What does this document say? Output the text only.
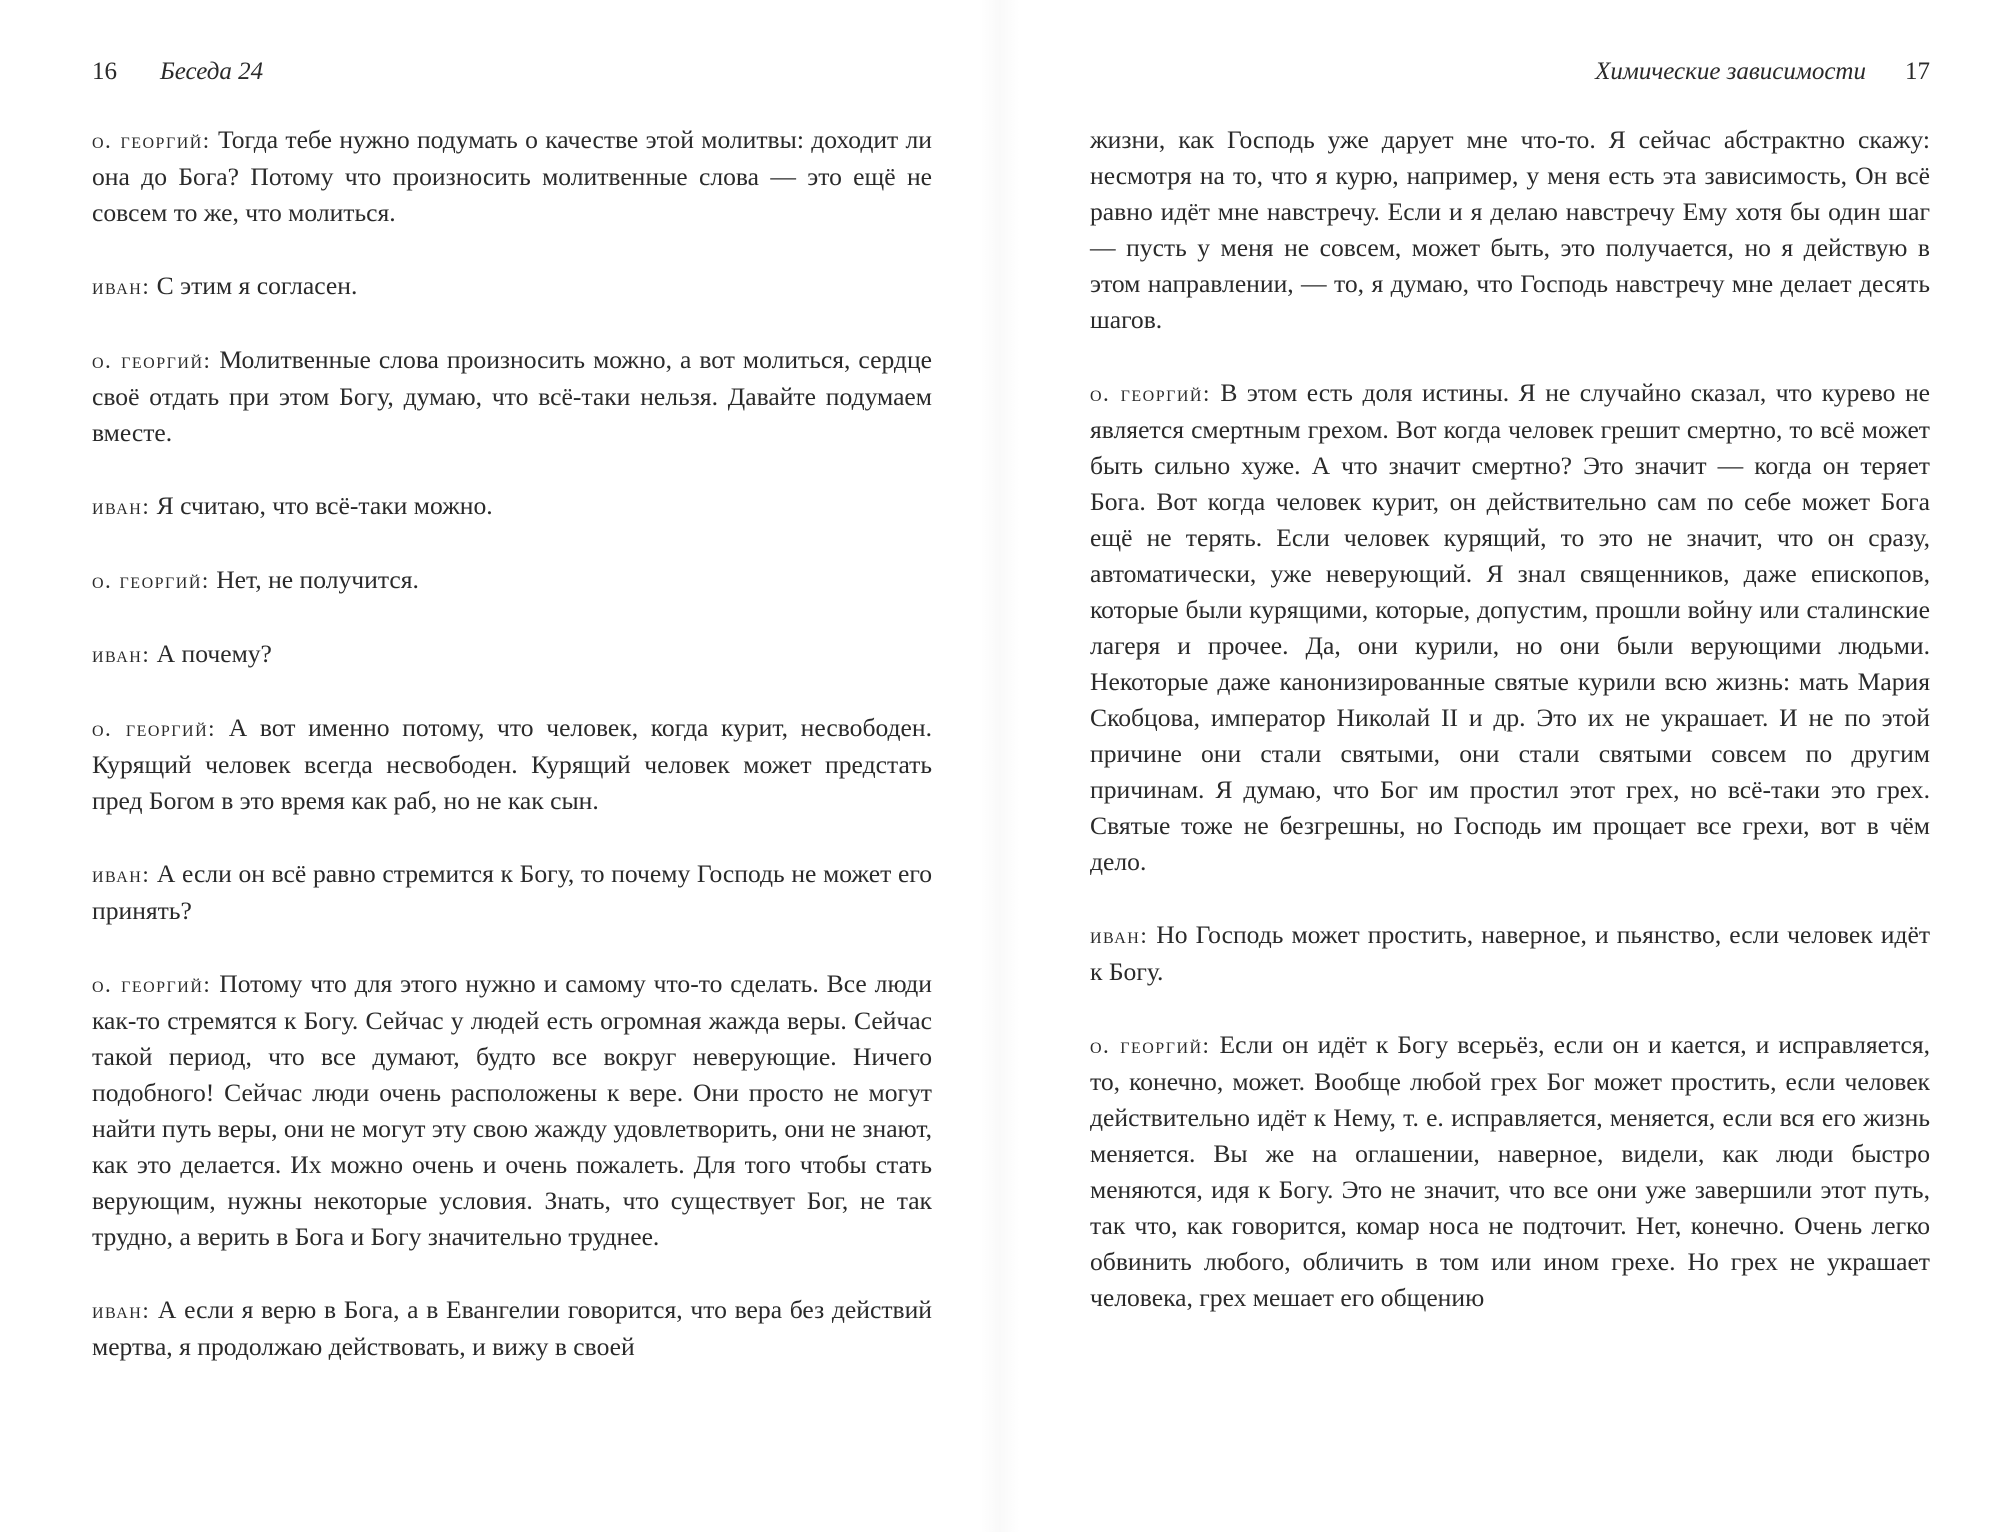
16 Беседа 24

о. георгий: Тогда тебе нужно подумать о качестве этой молитвы: доходит ли она до Бога? Потому что произносить молитвенные слова — это ещё не совсем то же, что молиться.

иван: С этим я согласен.

о. георгий: Молитвенные слова произносить можно, а вот молиться, сердце своё отдать при этом Богу, думаю, что всё-таки нельзя. Давайте подумаем вместе.

иван: Я считаю, что всё-таки можно.

о. георгий: Нет, не получится.

иван: А почему?

о. георгий: А вот именно потому, что человек, когда курит, несвободен. Курящий человек всегда несвободен. Курящий человек может предстать пред Богом в это время как раб, но не как сын.

иван: А если он всё равно стремится к Богу, то почему Господь не может его принять?

о. георгий: Потому что для этого нужно и самому что-то сделать. Все люди как-то стремятся к Богу. Сейчас у людей есть огромная жажда веры. Сейчас такой период, что все думают, будто все вокруг неверующие. Ничего подобного! Сейчас люди очень расположены к вере. Они просто не могут найти путь веры, они не могут эту свою жажду удовлетворить, они не знают, как это делается. Их можно очень и очень пожалеть. Для того чтобы стать верующим, нужны некоторые условия. Знать, что существует Бог, не так трудно, а верить в Бога и Богу значительно труднее.

иван: А если я верю в Бога, а в Евангелии говорится, что вера без действий мертва, я продолжаю действовать, и вижу в своей

Химические зависимости 17

жизни, как Господь уже дарует мне что-то. Я сейчас абстрактно скажу: несмотря на то, что я курю, например, у меня есть эта зависимость, Он всё равно идёт мне навстречу. Если и я делаю навстречу Ему хотя бы один шаг — пусть у меня не совсем, может быть, это получается, но я действую в этом направлении, — то, я думаю, что Господь навстречу мне делает десять шагов.

о. георгий: В этом есть доля истины. Я не случайно сказал, что курево не является смертным грехом. Вот когда человек грешит смертно, то всё может быть сильно хуже. А что значит смертно? Это значит — когда он теряет Бога. Вот когда человек курит, он действительно сам по себе может Бога ещё не терять. Если человек курящий, то это не значит, что он сразу, автоматически, уже неверующий. Я знал священников, даже епископов, которые были курящими, которые, допустим, прошли войну или сталинские лагеря и прочее. Да, они курили, но они были верующими людьми. Некоторые даже канонизированные святые курили всю жизнь: мать Мария Скобцова, император Николай II и др. Это их не украшает. И не по этой причине они стали святыми, они стали святыми совсем по другим причинам. Я думаю, что Бог им простил этот грех, но всё-таки это грех. Святые тоже не безгрешны, но Господь им прощает все грехи, вот в чём дело.

иван: Но Господь может простить, наверное, и пьянство, если человек идёт к Богу.

о. георгий: Если он идёт к Богу всерьёз, если он и кается, и исправляется, то, конечно, может. Вообще любой грех Бог может простить, если человек действительно идёт к Нему, т. е. исправляется, меняется, если вся его жизнь меняется. Вы же на оглашении, наверное, видели, как люди быстро меняются, идя к Богу. Это не значит, что все они уже завершили этот путь, так что, как говорится, комар носа не подточит. Нет, конечно. Очень легко обвинить любого, обличить в том или ином грехе. Но грех не украшает человека, грех мешает его общению
